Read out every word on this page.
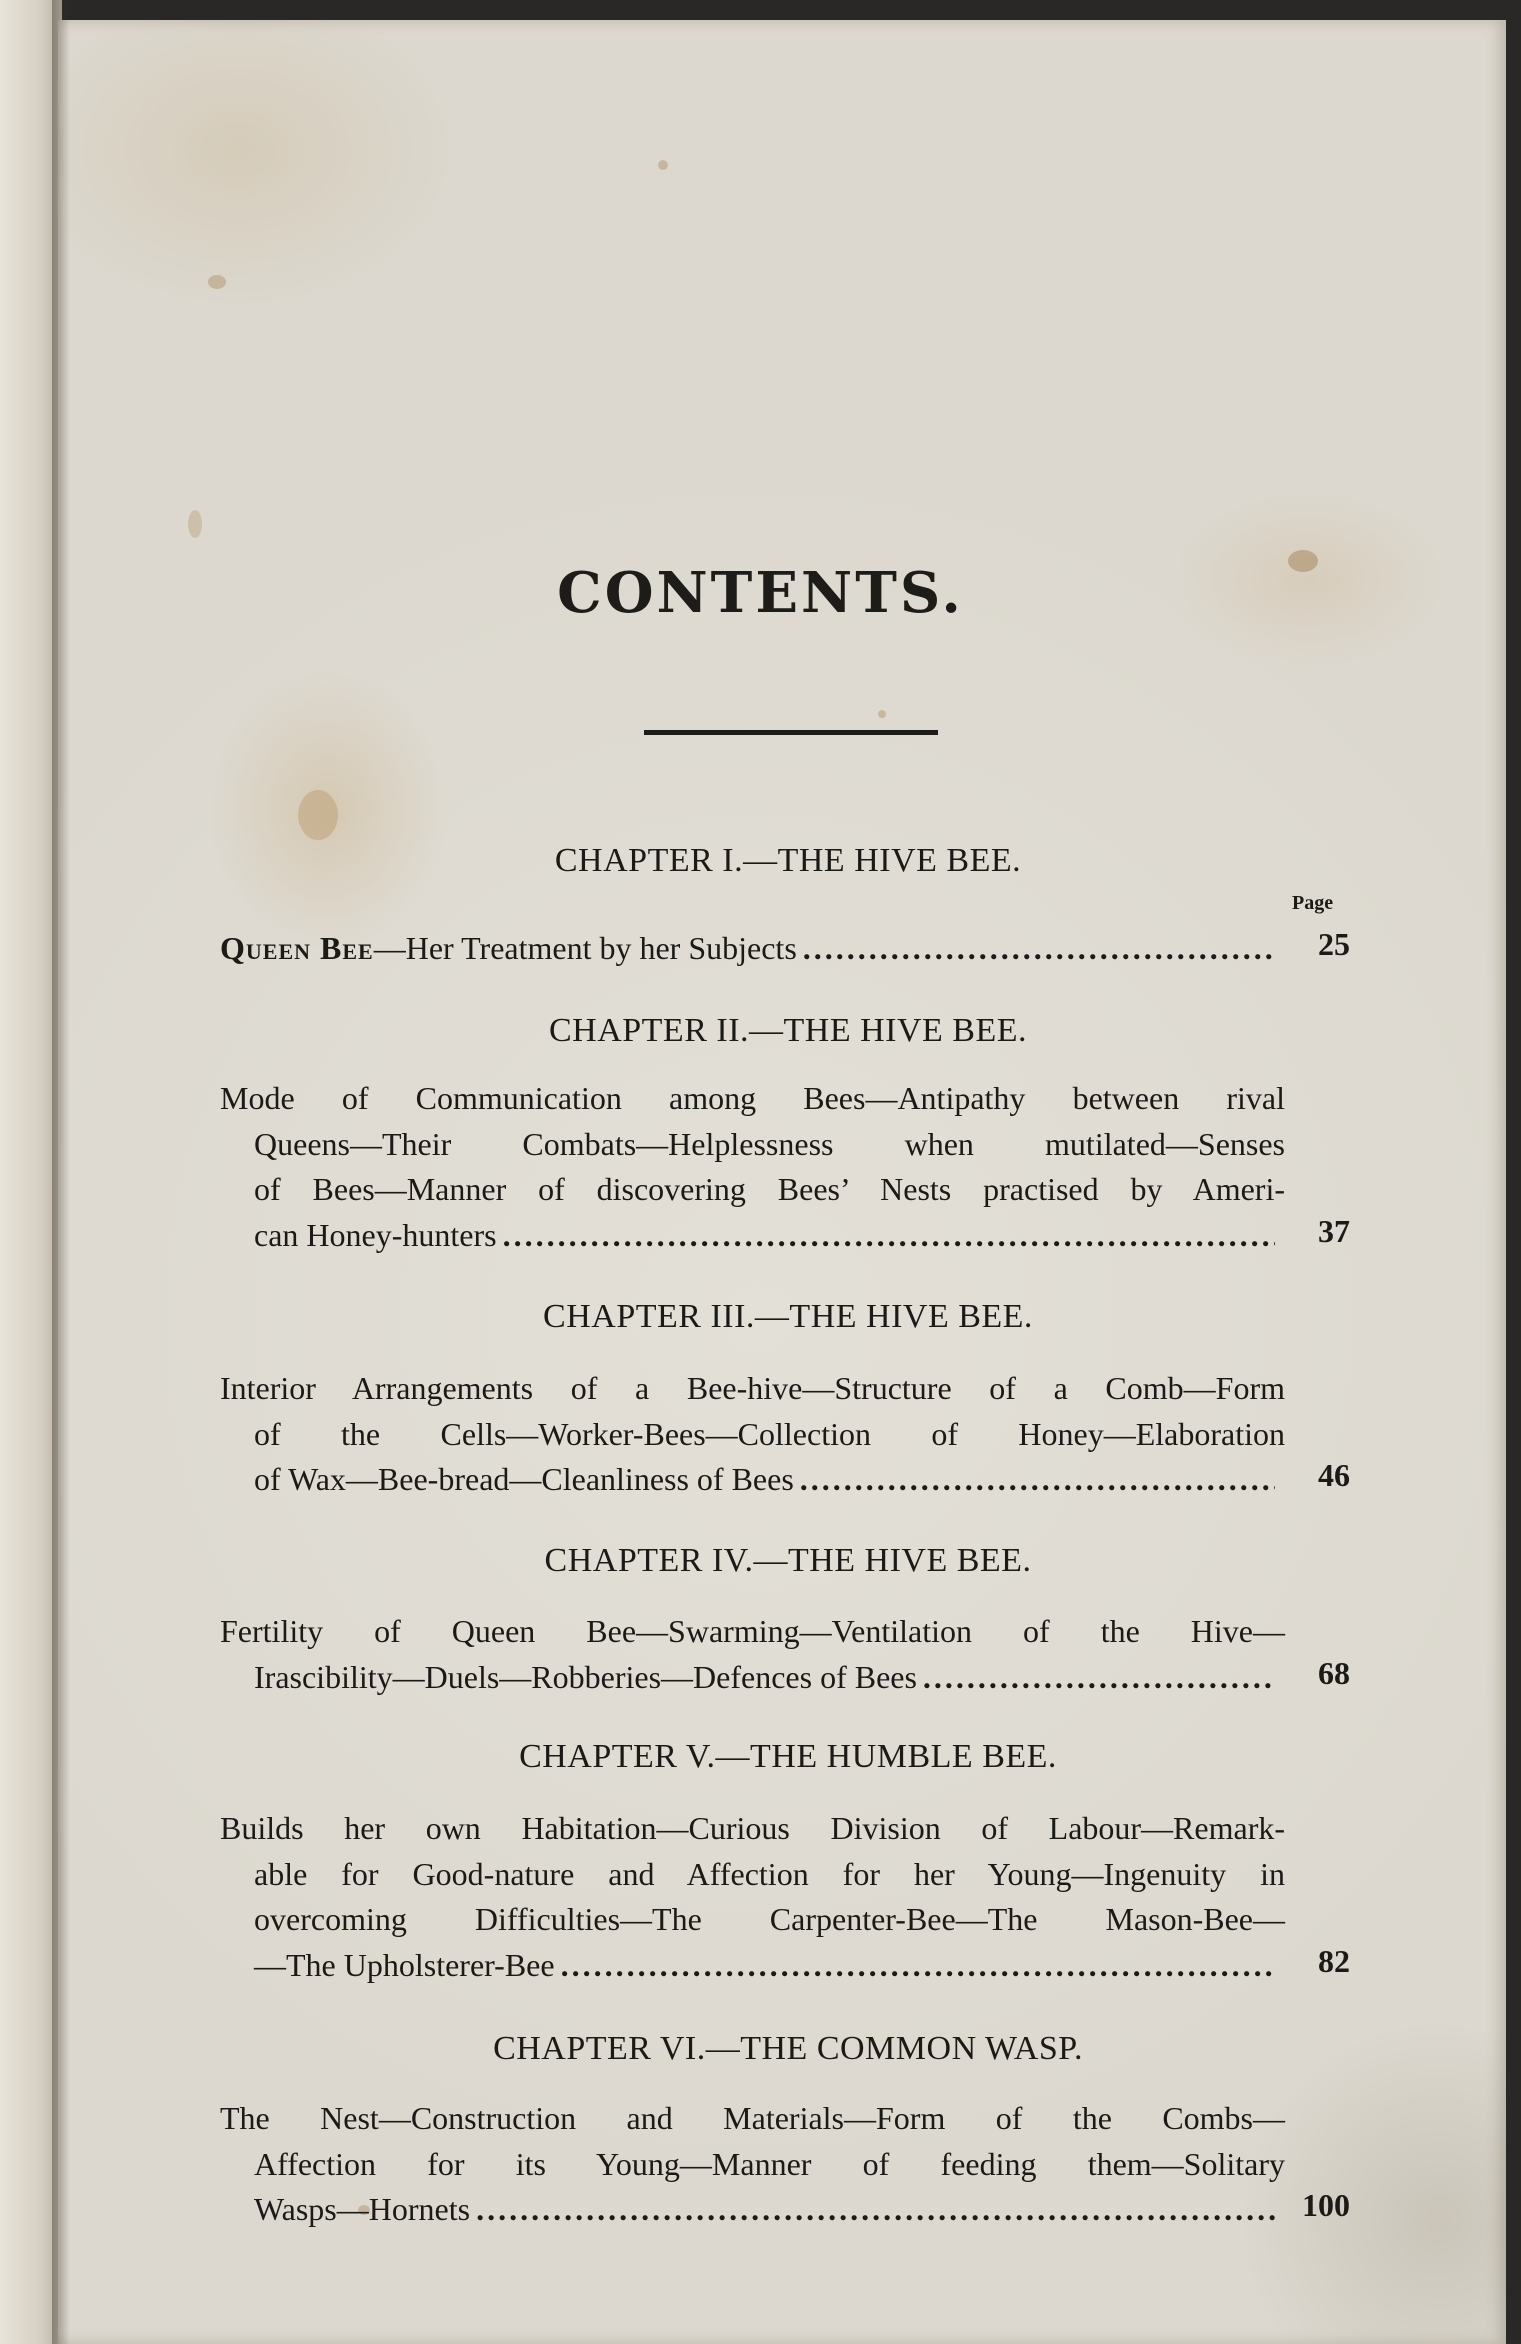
CONTENTS.
CHAPTER I.—THE HIVE BEE.
Page
Queen Bee—Her Treatment by her Subjects .....	25
CHAPTER II.—THE HIVE BEE.
Mode of Communication among Bees—Antipathy between rival
Queens—Their Combats—Helplessness when mutilated—Senses
of Bees—Manner of discovering Bees’ Nests practised by Ameri-
can Honey-hunters .....	37
CHAPTER III.—THE HIVE BEE.
Interior Arrangements of a Bee-hive—Structure of a Comb—Form
of the Cells—Worker-Bees—Collection of Honey—Elaboration
of Wax—Bee-bread—Cleanliness of Bees .....	46
CHAPTER IV.—THE HIVE BEE.
Fertility of Queen Bee—Swarming—Ventilation of the Hive—
Irascibility—Duels—Robberies—Defences of Bees .....	68
CHAPTER V.—THE HUMBLE BEE.
Builds her own Habitation—Curious Division of Labour—Remark-
able for Good-nature and Affection for her Young—Ingenuity in
overcoming Difficulties—The Carpenter-Bee—The Mason-Bee—
—The Upholsterer-Bee .....	82
CHAPTER VI.—THE COMMON WASP.
The Nest—Construction and Materials—Form of the Combs—
Affection for its Young—Manner of feeding them—Solitary
Wasps—Hornets .....	100
